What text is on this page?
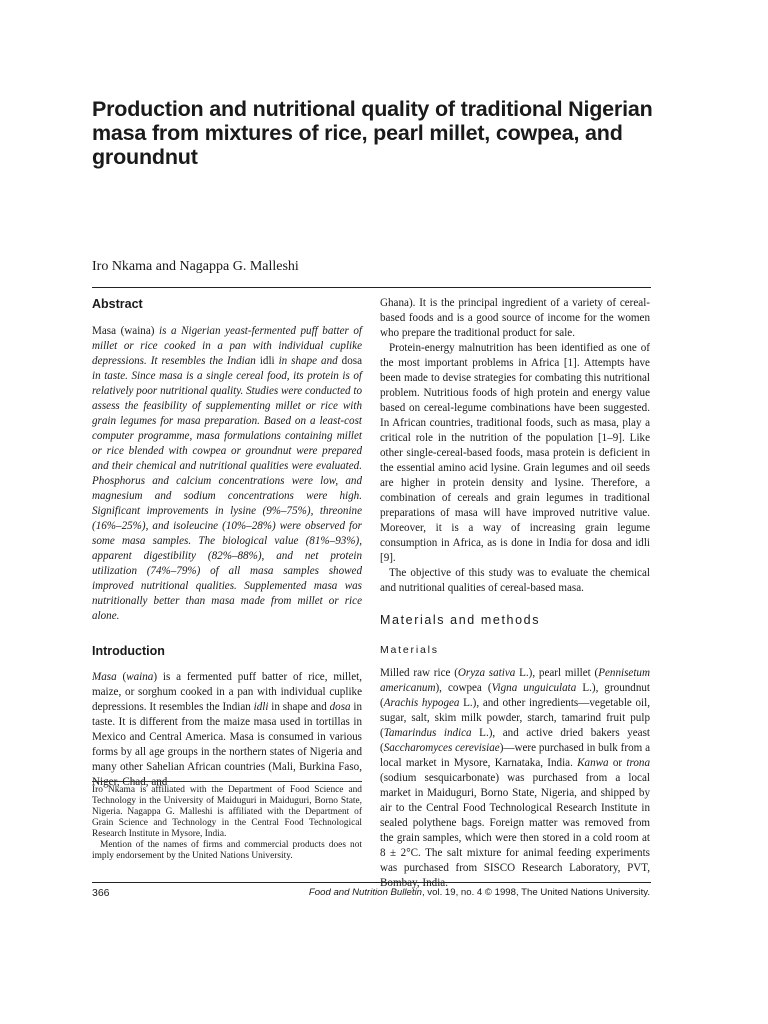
Production and nutritional quality of traditional Nigerian masa from mixtures of rice, pearl millet, cowpea, and groundnut

Iro Nkama and Nagappa G. Malleshi

Abstract

Masa (waina) is a Nigerian yeast-fermented puff batter of millet or rice cooked in a pan with individual cuplike depressions. It resembles the Indian idli in shape and dosa in taste. Since masa is a single cereal food, its protein is of relatively poor nutritional quality. Studies were conducted to assess the feasibility of supplementing millet or rice with grain legumes for masa preparation. Based on a least-cost computer programme, masa formulations containing millet or rice blended with cowpea or groundnut were prepared and their chemical and nutritional qualities were evaluated. Phosphorus and calcium concentrations were low, and magnesium and sodium concentrations were high. Significant improvements in lysine (9%–75%), threonine (16%–25%), and isoleucine (10%–28%) were observed for some masa samples. The biological value (81%–93%), apparent digestibility (82%–88%), and net protein utilization (74%–79%) of all masa samples showed improved nutritional qualities. Supplemented masa was nutritionally better than masa made from millet or rice alone.

Introduction

Masa (waina) is a fermented puff batter of rice, millet, maize, or sorghum cooked in a pan with individual cuplike depressions. It resembles the Indian idli in shape and dosa in taste. It is different from the maize masa used in tortillas in Mexico and Central America. Masa is consumed in various forms by all age groups in the northern states of Nigeria and many other Sahelian African countries (Mali, Burkina Faso, Niger, Chad, and

Iro Nkama is affiliated with the Department of Food Science and Technology in the University of Maiduguri in Maiduguri, Borno State, Nigeria. Nagappa G. Malleshi is affiliated with the Department of Grain Science and Technology in the Central Food Technological Research Institute in Mysore, India.

Mention of the names of firms and commercial products does not imply endorsement by the United Nations University.

Ghana). It is the principal ingredient of a variety of cereal-based foods and is a good source of income for the women who prepare the traditional product for sale.

Protein-energy malnutrition has been identified as one of the most important problems in Africa [1]. Attempts have been made to devise strategies for combating this nutritional problem. Nutritious foods of high protein and energy value based on cereal-legume combinations have been suggested. In African countries, traditional foods, such as masa, play a critical role in the nutrition of the population [1–9]. Like other single-cereal-based foods, masa protein is deficient in the essential amino acid lysine. Grain legumes and oil seeds are higher in protein density and lysine. Therefore, a combination of cereals and grain legumes in traditional preparations of masa will have improved nutritive value. Moreover, it is a way of increasing grain legume consumption in Africa, as is done in India for dosa and idli [9].

The objective of this study was to evaluate the chemical and nutritional qualities of cereal-based masa.

Materials and methods
Materials

Milled raw rice (Oryza sativa L.), pearl millet (Pennisetum americanum), cowpea (Vigna unguiculata L.), groundnut (Arachis hypogea L.), and other ingredients—vegetable oil, sugar, salt, skim milk powder, starch, tamarind fruit pulp (Tamarindus indica L.), and active dried bakers yeast (Saccharomyces cerevisiae)—were purchased in bulk from a local market in Mysore, Karnataka, India. Kanwa or trona (sodium sesquicarbonate) was purchased from a local market in Maiduguri, Borno State, Nigeria, and shipped by air to the Central Food Technological Research Institute in sealed polythene bags. Foreign matter was removed from the grain samples, which were then stored in a cold room at 8 ± 2°C. The salt mixture for animal feeding experiments was purchased from SISCO Research Laboratory, PVT, Bombay, India.

366	Food and Nutrition Bulletin, vol. 19, no. 4 © 1998, The United Nations University.
